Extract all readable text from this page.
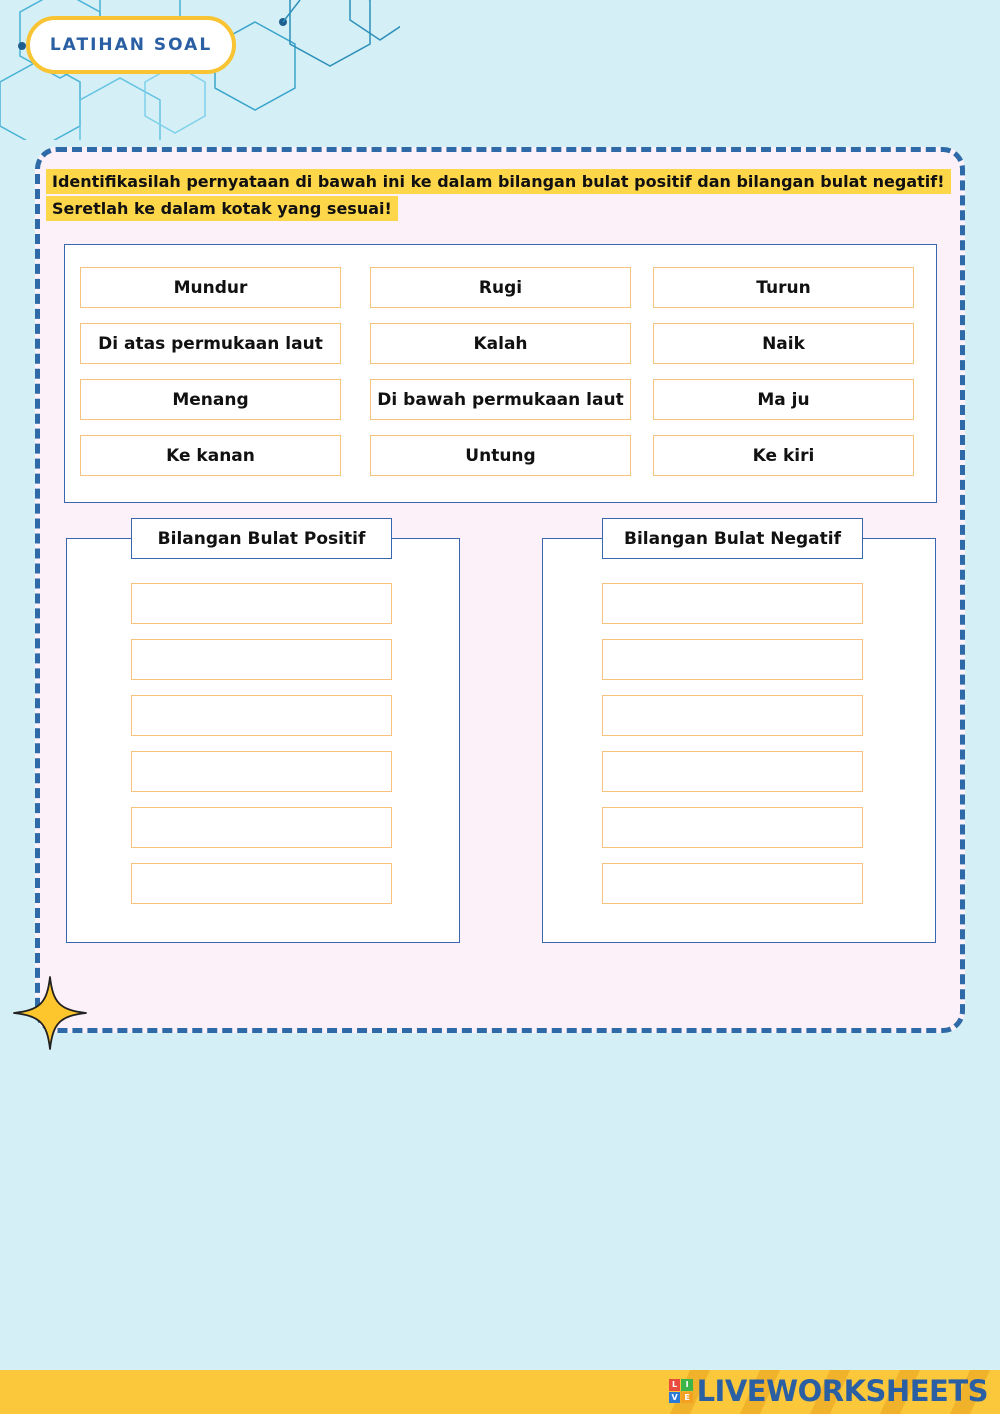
LATIHAN SOAL
Identifikasilah pernyataan di bawah ini ke dalam bilangan bulat positif dan bilangan bulat negatif!
Seretlah ke dalam kotak yang sesuai!
Mundur	Rugi	Turun
Di atas permukaan laut	Kalah	Naik
Menang	Di bawah permukaan laut	Ma ju
Ke kanan	Untung	Ke kiri
Bilangan Bulat Positif	Bilangan Bulat Negatif
L	I
V E LIVEWORKSHEETS
